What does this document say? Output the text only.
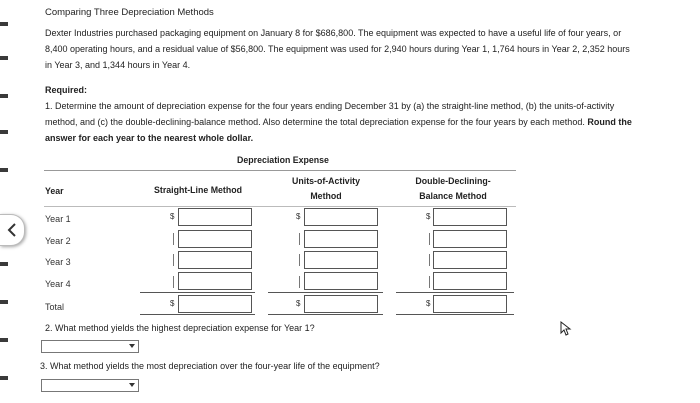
Comparing Three Depreciation Methods
Dexter Industries purchased packaging equipment on January 8 for $686,800. The equipment was expected to have a useful life of four years, or
8,400 operating hours, and a residual value of $56,800. The equipment was used for 2,940 hours during Year 1, 1,764 hours in Year 2, 2,352 hours
in Year 3, and 1,344 hours in Year 4.
Required:
1. Determine the amount of depreciation expense for the four years ending December 31 by (a) the straight-line method, (b) the units-of-activity
method, and (c) the double-declining-balance method. Also determine the total depreciation expense for the four years by each method. Round the
answer for each year to the nearest whole dollar.
Depreciation Expense
Year	Straight-Line Method
Units-of-Activity
Method
Double-Declining-
Balance Method
Year 1
Year 2
Year 3
Year 4
Total
$
$
$
$
$
$
2. What method yields the highest depreciation expense for Year 1?
3. What method yields the most depreciation over the four-year life of the equipment?
